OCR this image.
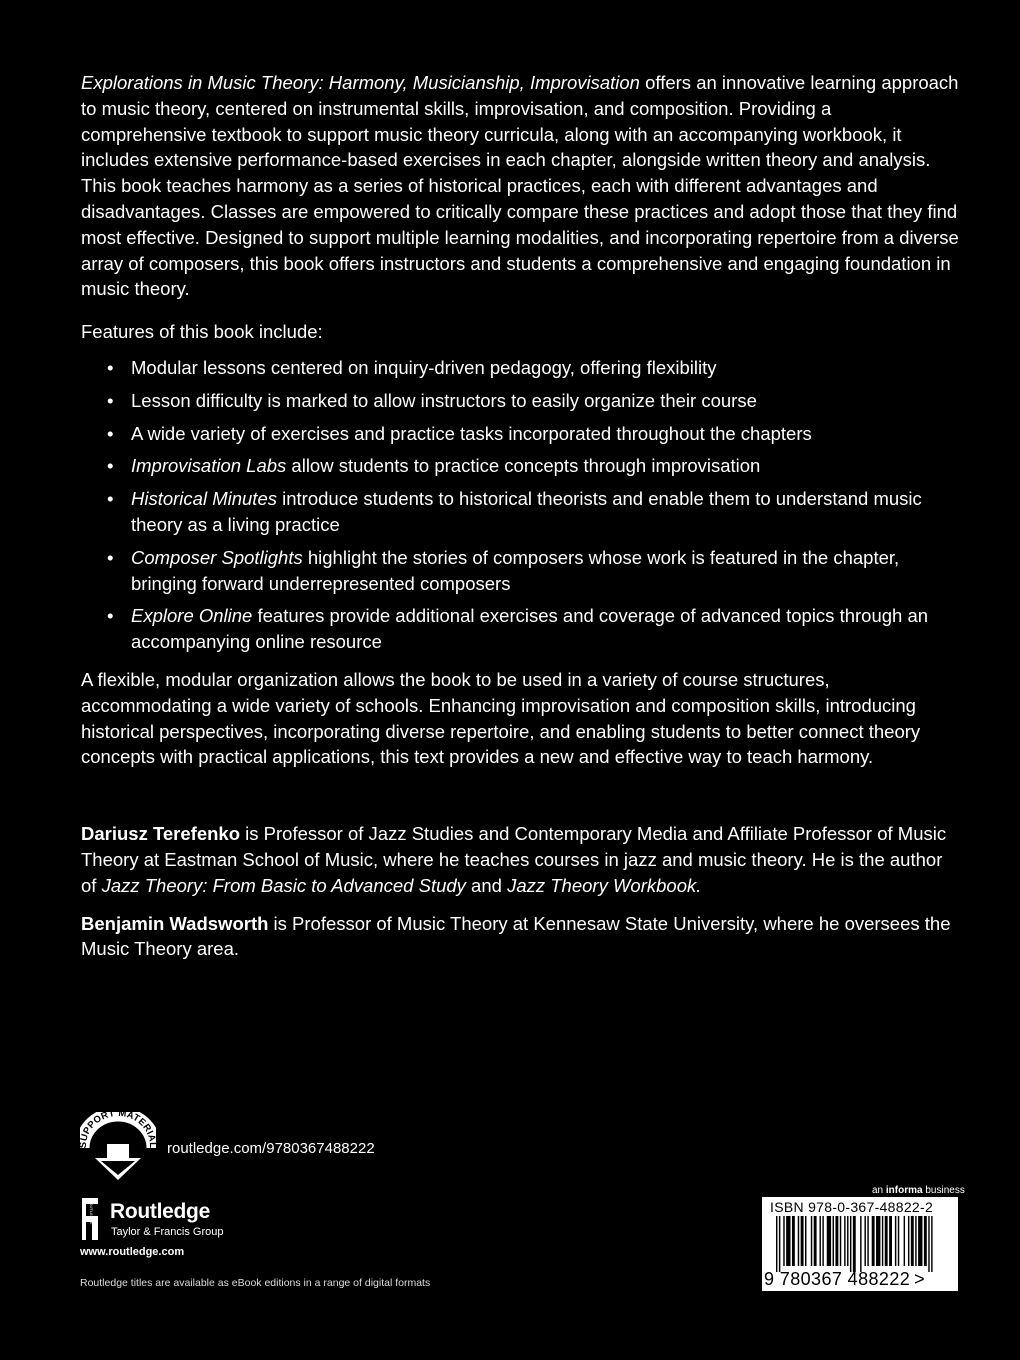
Explorations in Music Theory: Harmony, Musicianship, Improvisation offers an innovative learning approach to music theory, centered on instrumental skills, improvisation, and composition. Providing a comprehensive textbook to support music theory curricula, along with an accompanying workbook, it includes extensive performance-based exercises in each chapter, alongside written theory and analysis. This book teaches harmony as a series of historical practices, each with different advantages and disadvantages. Classes are empowered to critically compare these practices and adopt those that they find most effective. Designed to support multiple learning modalities, and incorporating repertoire from a diverse array of composers, this book offers instructors and students a comprehensive and engaging foundation in music theory.

Features of this book include:

• Modular lessons centered on inquiry-driven pedagogy, offering flexibility
• Lesson difficulty is marked to allow instructors to easily organize their course
• A wide variety of exercises and practice tasks incorporated throughout the chapters
• Improvisation Labs allow students to practice concepts through improvisation
• Historical Minutes introduce students to historical theorists and enable them to understand music theory as a living practice
• Composer Spotlights highlight the stories of composers whose work is featured in the chapter, bringing forward underrepresented composers
• Explore Online features provide additional exercises and coverage of advanced topics through an accompanying online resource

A flexible, modular organization allows the book to be used in a variety of course structures, accommodating a wide variety of schools. Enhancing improvisation and composition skills, introducing historical perspectives, incorporating diverse repertoire, and enabling students to better connect theory concepts with practical applications, this text provides a new and effective way to teach harmony.

Dariusz Terefenko is Professor of Jazz Studies and Contemporary Media and Affiliate Professor of Music Theory at Eastman School of Music, where he teaches courses in jazz and music theory. He is the author of Jazz Theory: From Basic to Advanced Study and Jazz Theory Workbook.

Benjamin Wadsworth is Professor of Music Theory at Kennesaw State University, where he oversees the Music Theory area.

PPORT MATERI
routledge.com/9780367488222
ROUTLEDGE Routledge
Taylor & Francis Group
www.routledge.com
Routledge titles are available as eBook editions in a range of digital formats
an informa business
ISBN 978-0-367-48822-2
9 780367 488222 >
